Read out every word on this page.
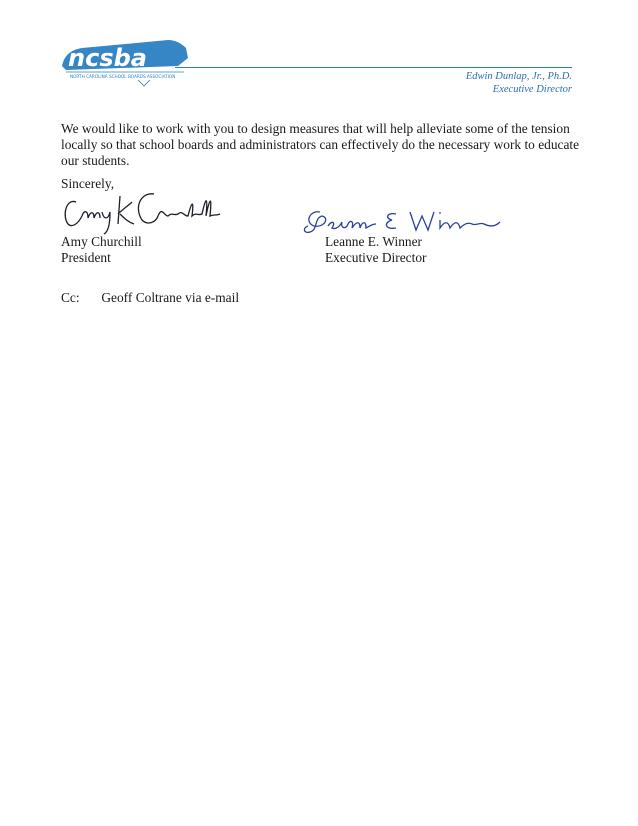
ncsba
NORTH CAROLINA SCHOOL BOARDS ASSOCIATION	Edwin Dunlap, Jr., Ph.D.
Executive Director

We would like to work with you to design measures that will help alleviate some of the tension locally so that school boards and administrators can effectively do the necessary work to educate our students.

Sincerely,
Amy Churchill
President
Leanne E. Winner
Executive Director
Cc: Geoff Coltrane via e-mail
